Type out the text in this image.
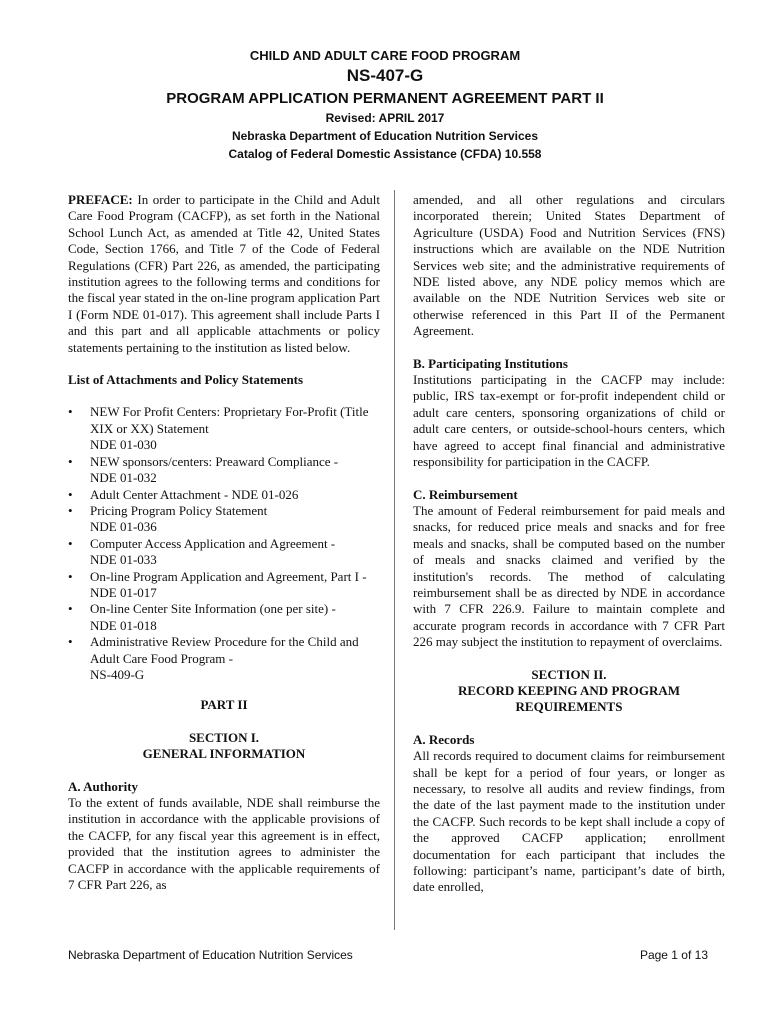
CHILD AND ADULT CARE FOOD PROGRAM
NS-407-G
PROGRAM APPLICATION PERMANENT AGREEMENT PART II
Revised: APRIL 2017
Nebraska Department of Education Nutrition Services
Catalog of Federal Domestic Assistance (CFDA) 10.558

PREFACE: In order to participate in the Child and Adult Care Food Program (CACFP), as set forth in the National School Lunch Act, as amended at Title 42, United States Code, Section 1766, and Title 7 of the Code of Federal Regulations (CFR) Part 226, as amended, the participating institution agrees to the following terms and conditions for the fiscal year stated in the on-line program application Part I (Form NDE 01-017). This agreement shall include Parts I and this part and all applicable attachments or policy statements pertaining to the institution as listed below.

List of Attachments and Policy Statements

• NEW For Profit Centers: Proprietary For-Profit (Title XIX or XX) Statement
NDE 01-030
• NEW sponsors/centers: Preaward Compliance -
NDE 01-032
• Adult Center Attachment - NDE 01-026
• Pricing Program Policy Statement
NDE 01-036
• Computer Access Application and Agreement -
NDE 01-033
• On-line Program Application and Agreement, Part I - NDE 01-017
• On-line Center Site Information (one per site) -
NDE 01-018
• Administrative Review Procedure for the Child and Adult Care Food Program -
NS-409-G

PART II

SECTION I.

GENERAL INFORMATION

A. Authority

To the extent of funds available, NDE shall reimburse the institution in accordance with the applicable provisions of the CACFP, for any fiscal year this agreement is in effect, provided that the institution agrees to administer the CACFP in accordance with the applicable requirements of 7 CFR Part 226, as

amended, and all other regulations and circulars incorporated therein; United States Department of Agriculture (USDA) Food and Nutrition Services (FNS) instructions which are available on the NDE Nutrition Services web site; and the administrative requirements of NDE listed above, any NDE policy memos which are available on the NDE Nutrition Services web site or otherwise referenced in this Part II of the Permanent Agreement.

B. Participating Institutions

Institutions participating in the CACFP may include: public, IRS tax-exempt or for-profit independent child or adult care centers, sponsoring organizations of child or adult care centers, or outside-school-hours centers, which have agreed to accept final financial and administrative responsibility for participation in the CACFP.

C. Reimbursement

The amount of Federal reimbursement for paid meals and snacks, for reduced price meals and snacks and for free meals and snacks, shall be computed based on the number of meals and snacks claimed and verified by the institution's records. The method of calculating reimbursement shall be as directed by NDE in accordance with 7 CFR 226.9. Failure to maintain complete and accurate program records in accordance with 7 CFR Part 226 may subject the institution to repayment of overclaims.

SECTION II.

RECORD KEEPING AND PROGRAM

REQUIREMENTS

A. Records

All records required to document claims for reimbursement shall be kept for a period of four years, or longer as necessary, to resolve all audits and review findings, from the date of the last payment made to the institution under the CACFP. Such records to be kept shall include a copy of the approved CACFP application; enrollment documentation for each participant that includes the following: participant’s name, participant’s date of birth, date enrolled,

Nebraska Department of Education Nutrition Services	Page 1 of 13
